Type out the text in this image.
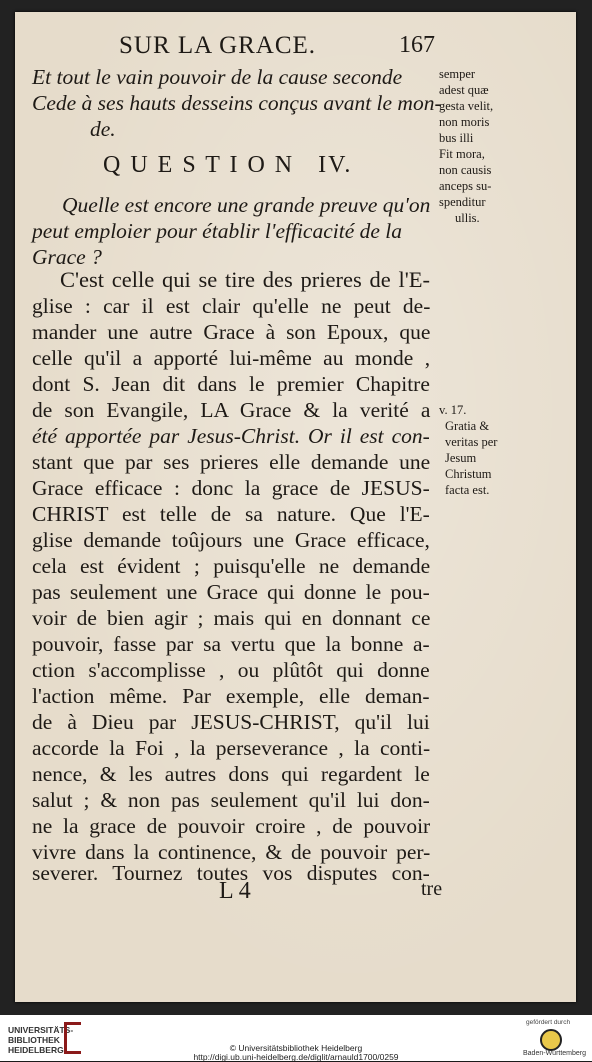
SUR LA GRACE.	167
Et tout le vain pouvoir de la cause seconde
Cede à ses hauts desseins conçus avant le mon-
de.
Q U E S T I O N   IV.
Quelle est encore une grande preuve qu'on
peut emploier pour établir l'efficacité de la
Grace ?
C'est celle qui se tire des prieres de l'E-
glise : car il est clair qu'elle ne peut de-
mander une autre Grace à son Epoux, que
celle qu'il a apporté lui-même au monde ,
dont S. Jean dit dans le premier Chapitre
de son Evangile, LA Grace & la verité a
été apportée par Jesus-Christ. Or il est con-
stant que par ses prieres elle demande une
Grace efficace : donc la grace de JESUS-
CHRIST est telle de sa nature. Que l'E-
glise demande toûjours une Grace efficace,
cela est évident ; puisqu'elle ne demande
pas seulement une Grace qui donne le pou-
voir de bien agir ; mais qui en donnant ce
pouvoir, fasse par sa vertu que la bonne a-
ction s'accomplisse , ou plûtôt qui donne
l'action même. Par exemple, elle deman-
de à Dieu par JESUS-CHRIST, qu'il lui
accorde la Foi , la perseverance , la conti-
nence, & les autres dons qui regardent le
salut ; & non pas seulement qu'il lui don-
ne la grace de pouvoir croire , de pouvoir
vivre dans la continence, & de pouvoir per-
severer. Tournez toutes vos disputes con-
semper
adest quæ
gesta velit,
non moris
bus illi
Fit mora,
non causis
anceps su-
spenditur
ullis.
v. 17.
Gratia &
veritas per
Jesum
Christum
facta est.
L 4	tre
UNIVERSITÄTS-
BIBLIOTHEK
HEIDELBERG	© Universitätsbibliothek Heidelberg
http://digi.ub.uni-heidelberg.de/diglit/arnauld1700/0259
gefördert durch
Baden-Württemberg
